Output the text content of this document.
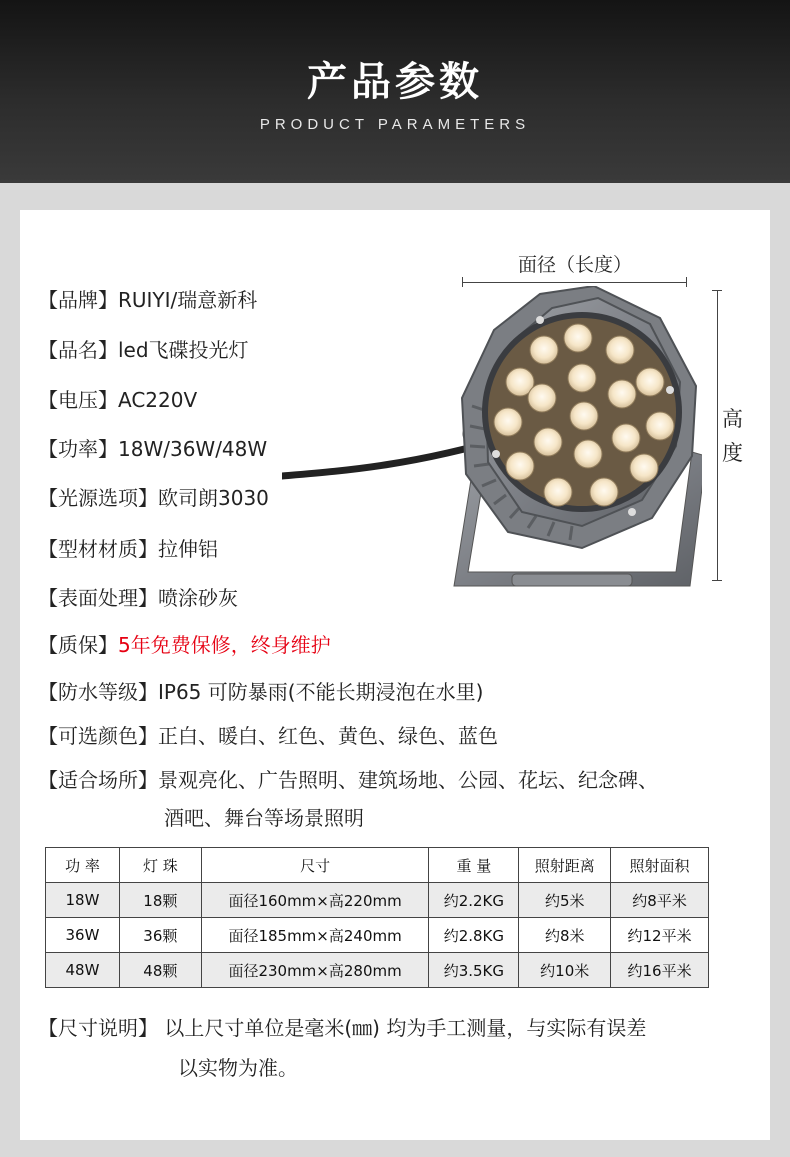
产品参数
PRODUCT PARAMETERS
【品牌】RUIYI/瑞意新科
【品名】led飞碟投光灯
【电压】AC220V
【功率】18W/36W/48W
【光源选项】欧司朗3030
【型材材质】拉伸铝
【表面处理】喷涂砂灰
【质保】5年免费保修，终身维护
【防水等级】IP65 可防暴雨(不能长期浸泡在水里)
【可选颜色】正白、暖白、红色、黄色、绿色、蓝色
【适合场所】景观亮化、广告照明、建筑场地、公园、花坛、纪念碑、
酒吧、舞台等场景照明
面径（长度）
高度
功 率	灯 珠	尺寸	重 量	照射距离	照射面积
18W	18颗	面径160mm×高220mm	约2.2KG	约5米	约8平米
36W	36颗	面径185mm×高240mm	约2.8KG	约8米	约12平米
48W	48颗	面径230mm×高280mm	约3.5KG	约10米	约16平米
【尺寸说明】 以上尺寸单位是毫米(㎜) 均为手工测量，与实际有误差
以实物为准。
